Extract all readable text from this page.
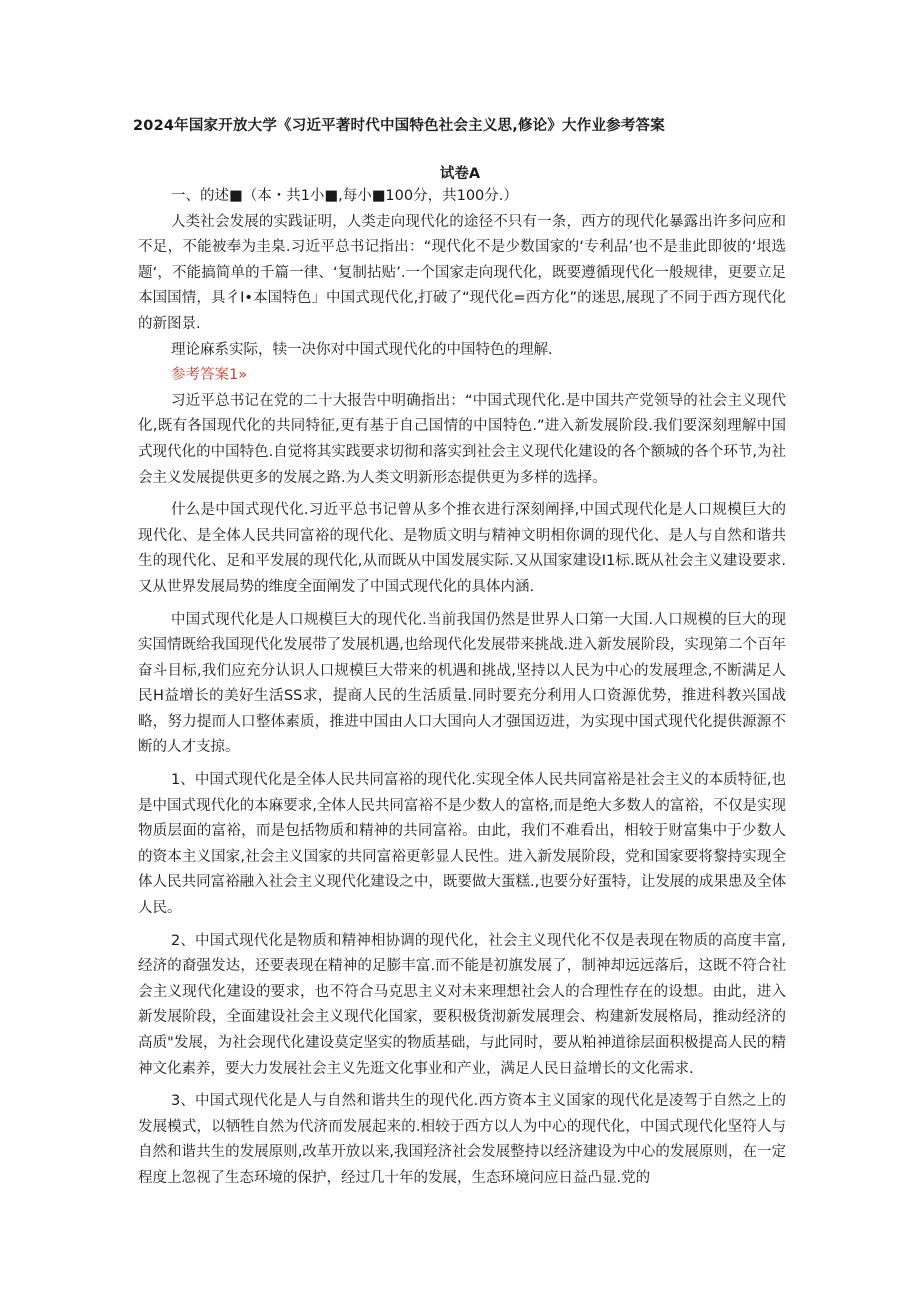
2024年国家开放大学《习近平著时代中国特色社会主义思,修论》大作业参考答案
试卷A

一、的述■（本・共1小■,每小■100分，共100分.）

人类社会发展的实践证明，人类走向现代化的途径不只有一条，西方的现代化暴露出许多问应和不足，不能被奉为圭臬.习近平总书记指出：“现代化不是少数国家的‘专利品’也不是韭此即彼的‘垠选题‘，不能搞简单的千篇一律、‘复制拈贴’.一个国家走向现代化，既要遵循现代化一般规律，更要立足本国国情，具彳I•本国特色」中国式现代化,打破了“现代化=西方化”的迷思,展现了不同于西方现代化的新图景.

理论麻系实际，犊一决你对中国式现代化的中国特色的理解.

参考答案1»

习近平总书记在党的二十大报告中明确指出：“中国式现代化.是中国共产党领导的社会主义现代化,既有各国现代化的共同特征,更有基于自己国情的中国特色.”进入新发展阶段.我们要深刻理解中国式现代化的中国特色.自觉将其实践要求切彻和落实到社会主义现代化建设的各个额城的各个环节,为社会主义发展提供更多的发展之路.为人类文明新形态提供更为多样的选择。

什么是中国式现代化.习近平总书记曾从多个推衣进行深刻阐择,中国式现代化是人口规模巨大的现代化、是全体人民共同富裕的现代化、是物质文明与精神文明相你调的现代化、是人与自然和谐共生的现代化、足和平发展的现代化,从而既从中国发展实际.又从国家建设I1标.既从社会主义建设要求.又从世界发展局势的维度全面阐发了中国式现代化的具体内涵.

中国式现代化是人口规模巨大的现代化.当前我国仍然是世界人口第一大国.人口规模的巨大的现实国情既给我国现代化发展带了发展机遇,也给现代化发展带来挑战.进入新发展阶段，实现第二个百年奋斗目标,我们应充分认识人口规模巨大带来的机遇和挑战,坚持以人民为中心的发展理念,不断满足人民H益增长的美好生活SS求，提商人民的生活质量.同时要充分利用人口资源优势，推进科教兴国战略，努力提而人口整体素质，推进中国由人口大国向人才强国迈进，为实现中国式现代化提供源源不断的人才支掠。

1、中国式现代化是全体人民共同富裕的现代化.实现全体人民共同富裕是社会主义的本质特征,也是中国式现代化的本麻要求,全体人民共同富裕不是少数人的富格,而是绝大多数人的富裕，不仅是实现物质层面的富裕，而是包括物质和精神的共同富裕。由此，我们不难看出，相较于财富集中于少数人的资本主义国家,社会主义国家的共同富裕更彰显人民性。进入新发展阶段，党和国家要将黎持实现全体人民共同富裕融入社会主义现代化建设之中，既要做大蛋糕.,也要分好蛋特，让发展的成果患及全体人民。

2、中国式现代化是物质和精神相协调的现代化，社会主义现代化不仅是表现在物质的高度丰富,经济的裔强发达，还要表现在精神的足膨丰富.而不能是初旗发展了，制神却远远落后，这既不符合社会主义现代化建设的要求，也不符合马克思主义对未来理想社会人的合理性存在的设想。由此，进入新发展阶段，全面建设社会主义现代化国家，要积极货沏新发展理会、构建新发展格局，推动经济的高质"发展，为社会现代化建设莫定坚实的物质基础，与此同时，要从粕神道徐层面积极提高人民的精神文化素养，要大力发展社会主义先逛文化事业和产业，满足人民日益增长的文化需求.

3、中国式现代化是人与自然和谐共生的现代化.西方资本主义国家的现代化是凌驾于自然之上的发展模式，以牺牲自然为代济而发展起来的.相较于西方以人为中心的现代化，中国式现代化坚符人与自然和谐共生的发展原则,改革开放以来,我国羟济社会发展整持以经济建设为中心的发展原则，在一定程度上忽视了生态环境的保护，经过几十年的发展，生态环境问应日益凸显.党的
